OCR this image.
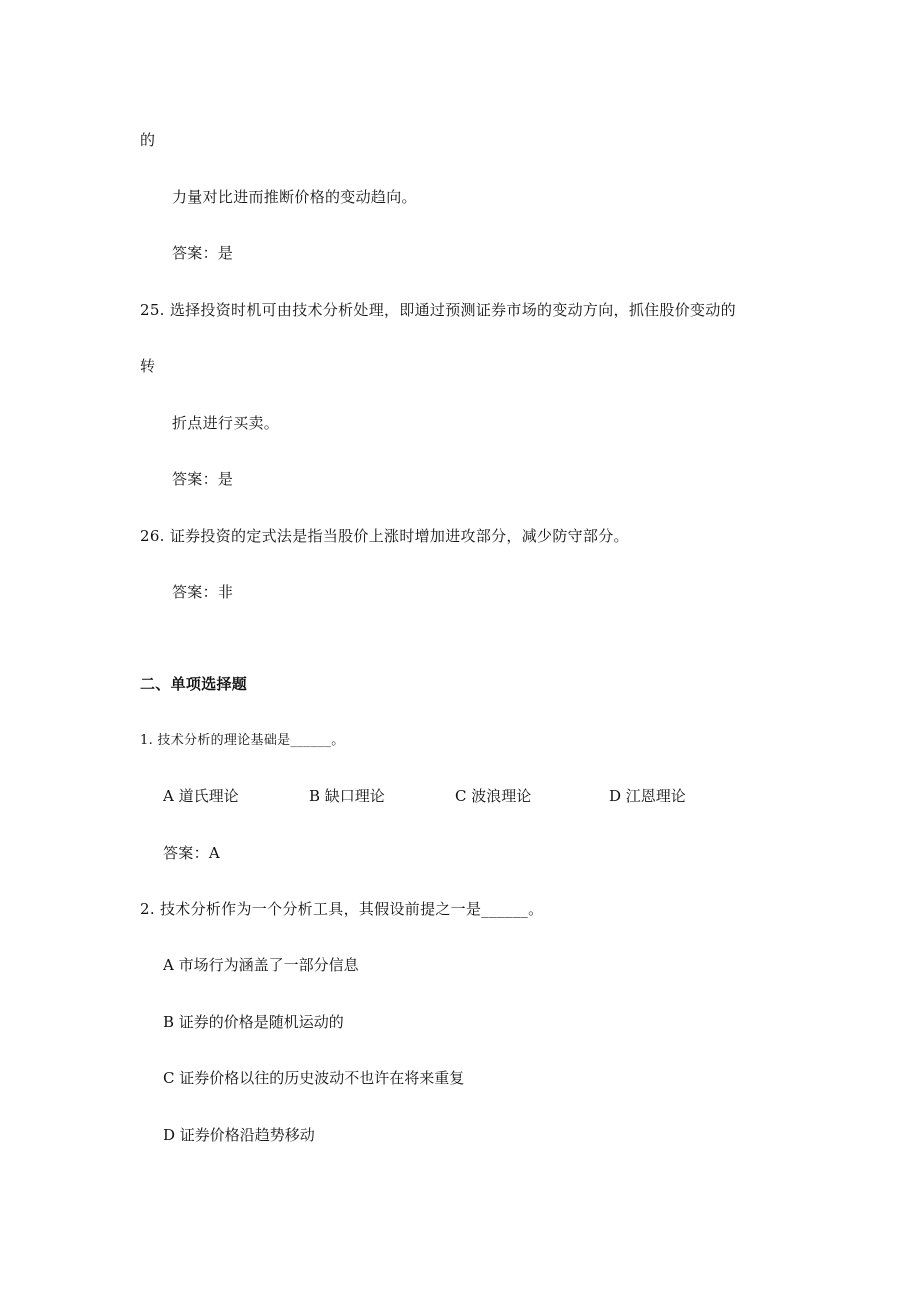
的
力量对比进而推断价格的变动趋向。
答案：是
25. 选择投资时机可由技术分析处理，即通过预测证券市场的变动方向，抓住股价变动的
转
折点进行买卖。
答案：是
26. 证券投资的定式法是指当股价上涨时增加进攻部分，减少防守部分。
答案：非
二、单项选择题
1. 技术分析的理论基础是______。
A 道氏理论	B 缺口理论	C 波浪理论	D 江恩理论
答案：A
2. 技术分析作为一个分析工具，其假设前提之一是______。
A 市场行为涵盖了一部分信息
B 证券的价格是随机运动的
C 证券价格以往的历史波动不也许在将来重复
D 证券价格沿趋势移动
